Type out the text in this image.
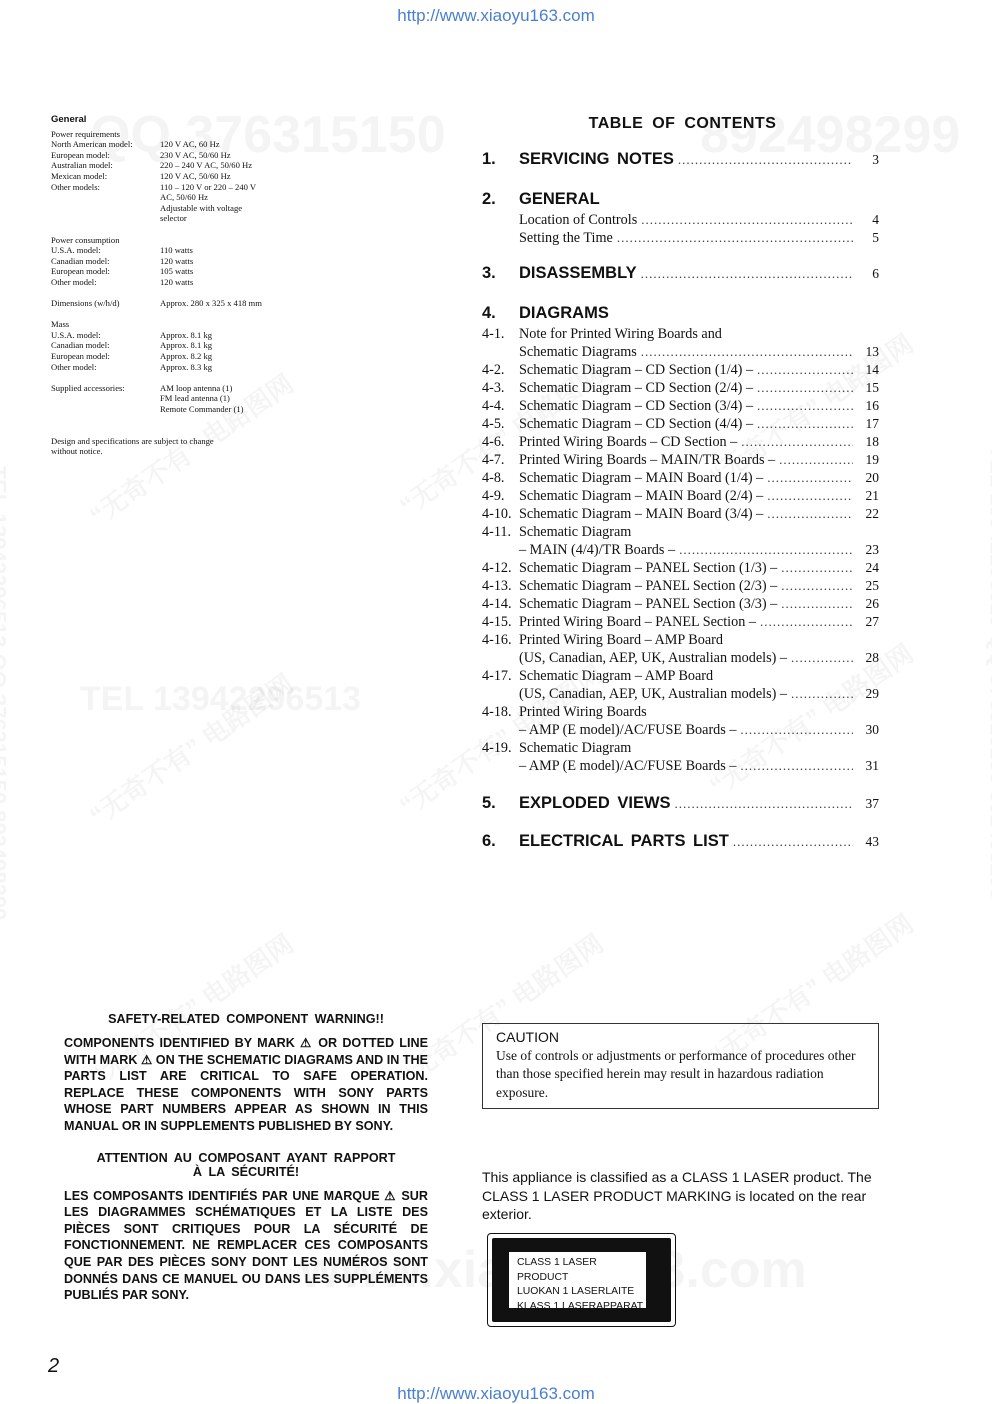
http://www.xiaoyu163.com
General
Power requirements
North American model:	120 V AC, 60 Hz
European model:	230 V AC, 50/60 Hz
Australian model:	220 – 240 V AC, 50/60 Hz
Mexican model:	120 V AC, 50/60 Hz
Other models:	110 – 120 V or 220 – 240 V
AC, 50/60 Hz
Adjustable with voltage
selector
Power consumption
U.S.A. model:	110 watts
Canadian model:	120 watts
European model:	105 watts
Other model:	120 watts
Dimensions (w/h/d)	Approx. 280 x 325 x 418 mm
Mass
U.S.A. model:	Approx. 8.1 kg
Canadian model:	Approx. 8.1 kg
European model:	Approx. 8.2 kg
Other model:	Approx. 8.3 kg
Supplied accessories:	AM loop antenna (1)
FM lead antenna (1)
Remote Commander (1)
Design and specifications are subject to change
without notice.
TABLE OF CONTENTS
1.	SERVICING NOTES .....	3
2.	GENERAL
Location of Controls .....	4
Setting the Time .....	5
3.	DISASSEMBLY .....	6
4.	DIAGRAMS
4-1.	Note for Printed Wiring Boards and
Schematic Diagrams .....	13
4-2.	Schematic Diagram – CD Section (1/4) – .....	14
4-3.	Schematic Diagram – CD Section (2/4) – .....	15
4-4.	Schematic Diagram – CD Section (3/4) – .....	16
4-5.	Schematic Diagram – CD Section (4/4) – .....	17
4-6.	Printed Wiring Boards – CD Section – .....	18
4-7.	Printed Wiring Boards – MAIN/TR Boards – .....	19
4-8.	Schematic Diagram – MAIN Board (1/4) – .....	20
4-9.	Schematic Diagram – MAIN Board (2/4) – .....	21
4-10. Schematic Diagram – MAIN Board (3/4) – .....	22
4-11. Schematic Diagram
– MAIN (4/4)/TR Boards – .....	23
4-12. Schematic Diagram – PANEL Section (1/3) – .....	24
4-13. Schematic Diagram – PANEL Section (2/3) – .....	25
4-14. Schematic Diagram – PANEL Section (3/3) – .....	26
4-15. Printed Wiring Board – PANEL Section – .....	27
4-16. Printed Wiring Board – AMP Board
(US, Canadian, AEP, UK, Australian models) – .....	28
4-17. Schematic Diagram – AMP Board
(US, Canadian, AEP, UK, Australian models) – .....	29
4-18. Printed Wiring Boards
– AMP (E model)/AC/FUSE Boards – .....	30
4-19. Schematic Diagram
– AMP (E model)/AC/FUSE Boards – .....	31
5.	EXPLODED VIEWS .....	37
6.	ELECTRICAL PARTS LIST .....	43
SAFETY-RELATED COMPONENT WARNING!!
COMPONENTS IDENTIFIED BY MARK ⚠ OR DOTTED LINE WITH MARK ⚠ ON THE SCHEMATIC DIAGRAMS AND IN THE PARTS LIST ARE CRITICAL TO SAFE OPERATION. REPLACE THESE COMPONENTS WITH SONY PARTS WHOSE PART NUMBERS APPEAR AS SHOWN IN THIS MANUAL OR IN SUPPLEMENTS PUBLISHED BY SONY.
ATTENTION AU COMPOSANT AYANT RAPPORT
À LA SÉCURITÉ!
LES COMPOSANTS IDENTIFIÉS PAR UNE MARQUE ⚠ SUR LES DIAGRAMMES SCHÉMATIQUES ET LA LISTE DES PIÈCES SONT CRITIQUES POUR LA SÉCURITÉ DE FONCTIONNEMENT. NE REMPLACER CES COMPOSANTS QUE PAR DES PIÈCES SONY DONT LES NUMÉROS SONT DONNÉS DANS CE MANUEL OU DANS LES SUPPLÉMENTS PUBLIÉS PAR SONY.
CAUTION
Use of controls or adjustments or performance of procedures other than those specified herein may result in hazardous radiation exposure.
This appliance is classified as a CLASS 1 LASER product. The CLASS 1 LASER PRODUCT MARKING is located on the rear exterior.
CLASS 1 LASER PRODUCT
LUOKAN 1 LASERLAITE
KLASS 1 LASERAPPARAT
2
http://www.xiaoyu163.com
